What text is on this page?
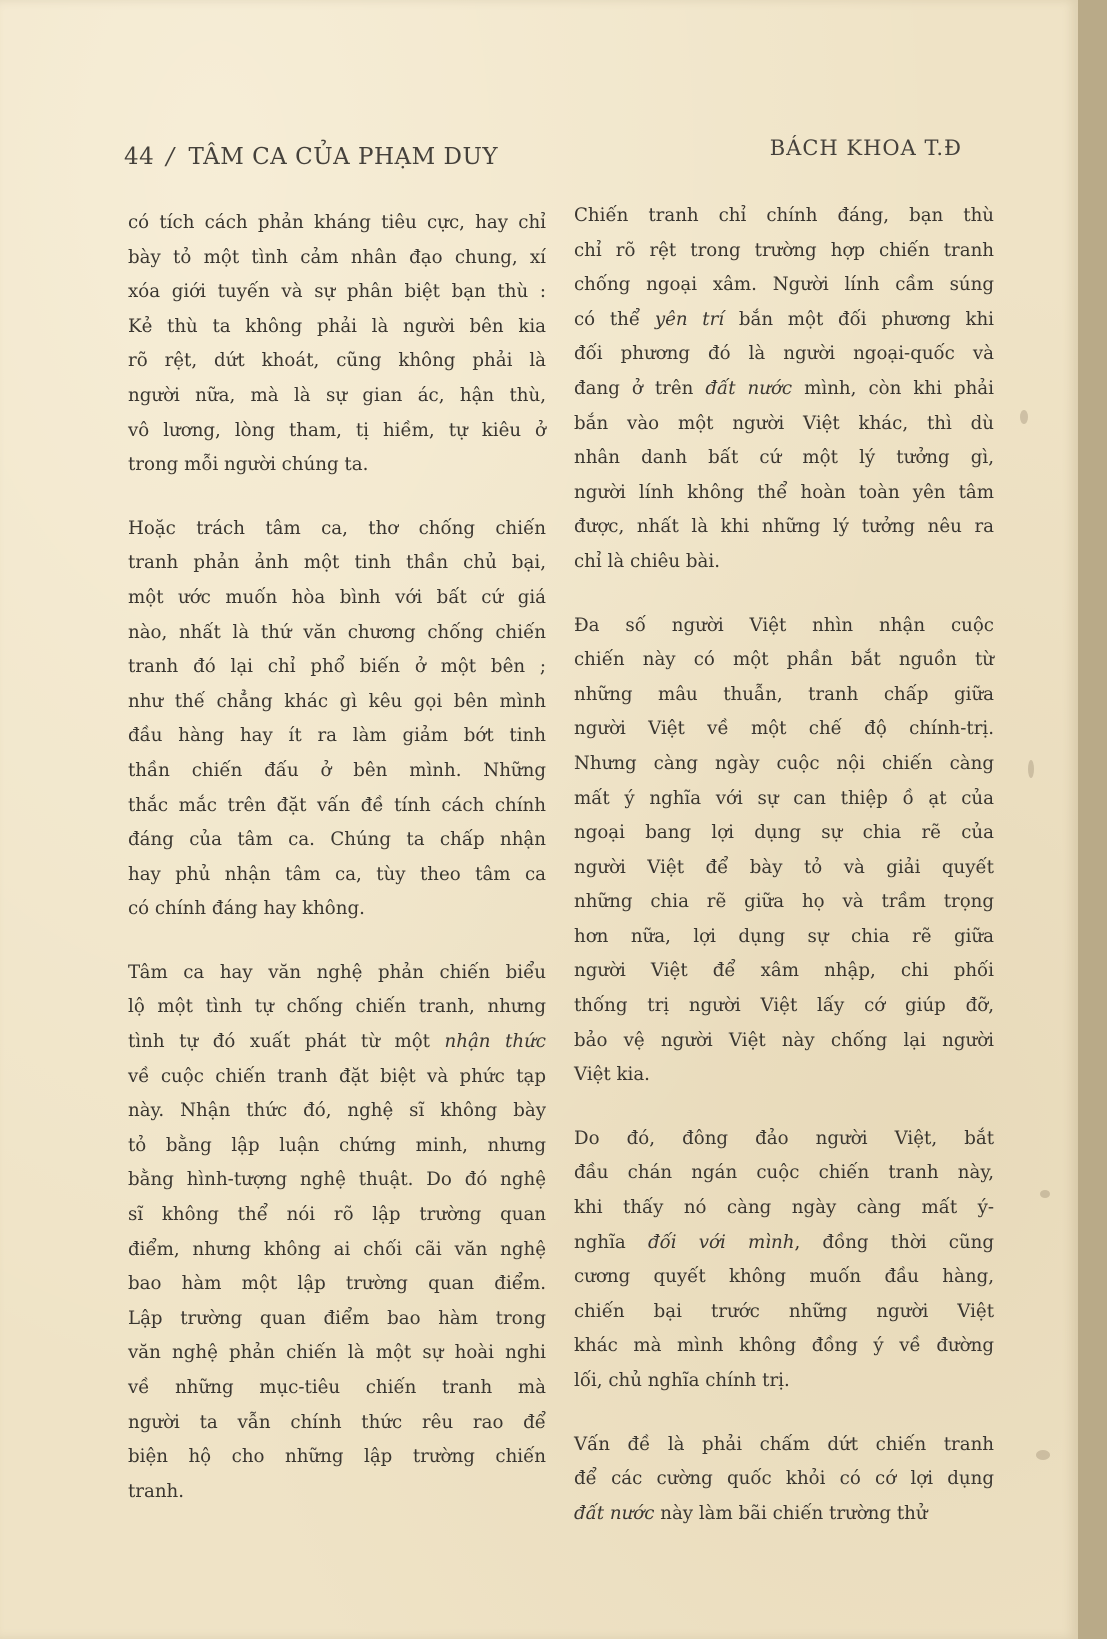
44 / TÂM CA CỦA PHẠM DUY	BÁCH KHOA T.Đ

có tích cách phản kháng tiêu cực, hay chỉ
bày tỏ một tình cảm nhân đạo chung, xí
xóa giới tuyến và sự phân biệt bạn thù :
Kẻ thù ta không phải là người bên kia
rõ rệt, dứt khoát, cũng không phải là
người nữa, mà là sự gian ác, hận thù,
vô lương, lòng tham, tị hiềm, tự kiêu ở
trong mỗi người chúng ta.

Hoặc trách tâm ca, thơ chống chiến
tranh phản ảnh một tinh thần chủ bại,
một ước muốn hòa bình với bất cứ giá
nào, nhất là thứ văn chương chống chiến
tranh đó lại chỉ phổ biến ở một bên ;
như thế chẳng khác gì kêu gọi bên mình
đầu hàng hay ít ra làm giảm bớt tinh
thần chiến đấu ở bên mình. Những
thắc mắc trên đặt vấn đề tính cách chính
đáng của tâm ca. Chúng ta chấp nhận
hay phủ nhận tâm ca, tùy theo tâm ca
có chính đáng hay không.

Tâm ca hay văn nghệ phản chiến biểu
lộ một tình tự chống chiến tranh, nhưng
tình tự đó xuất phát từ một nhận thức
về cuộc chiến tranh đặt biệt và phức tạp
này. Nhận thức đó, nghệ sĩ không bày
tỏ bằng lập luận chứng minh, nhưng
bằng hình-tượng nghệ thuật. Do đó nghệ
sĩ không thể nói rõ lập trường quan
điểm, nhưng không ai chối cãi văn nghệ
bao hàm một lập trường quan điểm.
Lập trường quan điểm bao hàm trong
văn nghệ phản chiến là một sự hoài nghi
về những mục-tiêu chiến tranh mà
người ta vẫn chính thức rêu rao để
biện hộ cho những lập trường chiến
tranh.

Chiến tranh chỉ chính đáng, bạn thù
chỉ rõ rệt trong trường hợp chiến tranh
chống ngoại xâm. Người lính cầm súng
có thể yên trí bắn một đối phương khi
đối phương đó là người ngoại-quốc và
đang ở trên đất nước mình, còn khi phải
bắn vào một người Việt khác, thì dù
nhân danh bất cứ một lý tưởng gì,
người lính không thể hoàn toàn yên tâm
được, nhất là khi những lý tưởng nêu ra
chỉ là chiêu bài.

Đa số người Việt nhìn nhận cuộc
chiến này có một phần bắt nguồn từ
những mâu thuẫn, tranh chấp giữa
người Việt về một chế độ chính-trị.
Nhưng càng ngày cuộc nội chiến càng
mất ý nghĩa với sự can thiệp ồ ạt của
ngoại bang lợi dụng sự chia rẽ của
người Việt để bày tỏ và giải quyết
những chia rẽ giữa họ và trầm trọng
hơn nữa, lợi dụng sự chia rẽ giữa
người Việt để xâm nhập, chi phối
thống trị người Việt lấy cớ giúp đỡ,
bảo vệ người Việt này chống lại người
Việt kia.

Do đó, đông đảo người Việt, bắt
đầu chán ngán cuộc chiến tranh này,
khi thấy nó càng ngày càng mất ý-
nghĩa đối với mình, đồng thời cũng
cương quyết không muốn đầu hàng,
chiến bại trước những người Việt
khác mà mình không đồng ý về đường
lối, chủ nghĩa chính trị.

Vấn đề là phải chấm dứt chiến tranh
để các cường quốc khỏi có cớ lợi dụng
đất nước này làm bãi chiến trường thử
